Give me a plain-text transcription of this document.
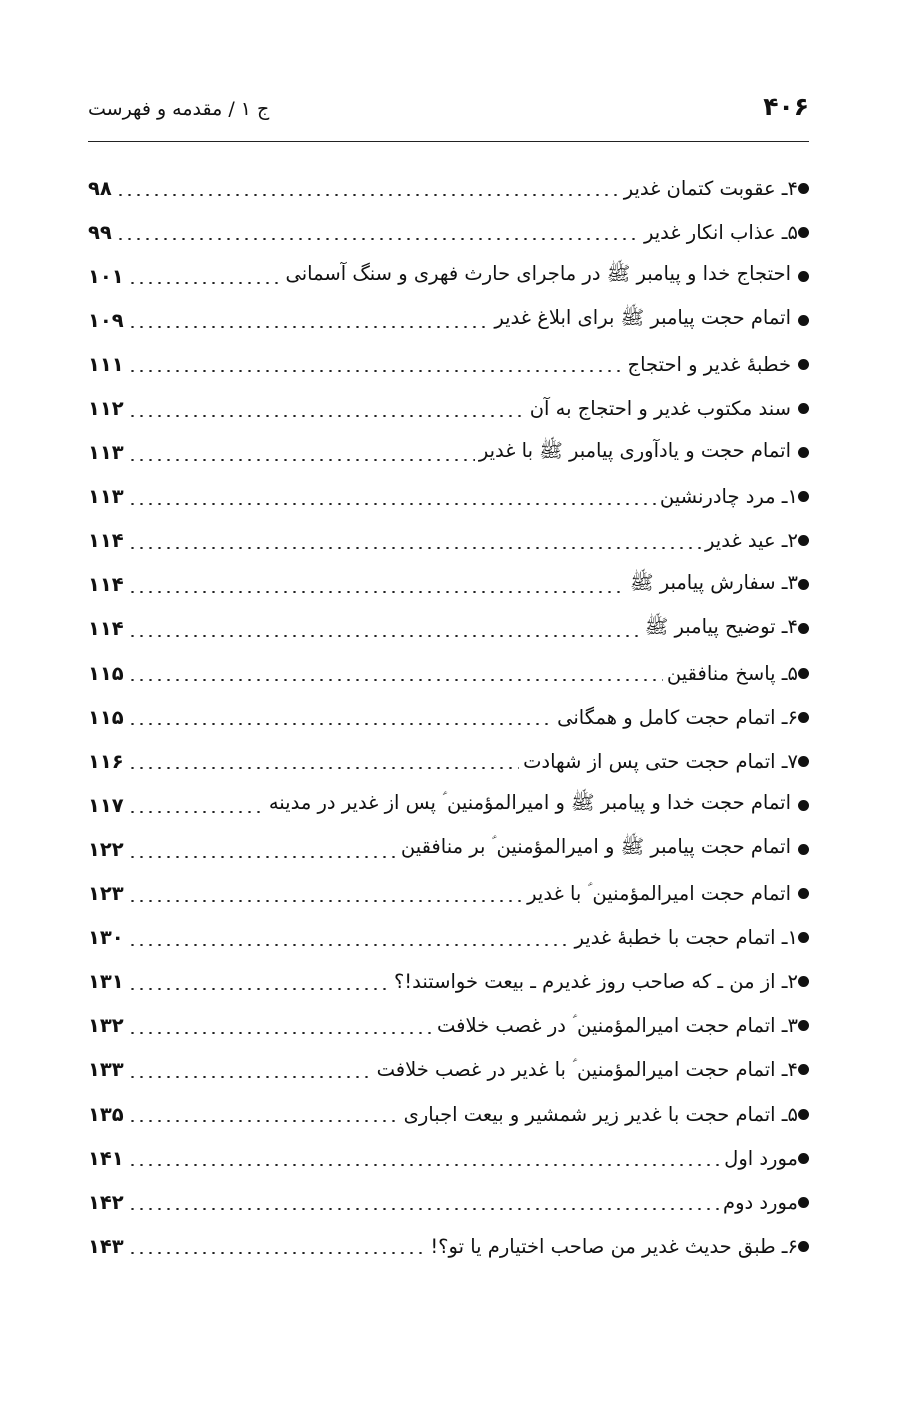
۴۰۶
ج ۱ / مقدمه و فهرست
۴ـ عقوبت کتمان غدیر
۹۸
۵ـ عذاب انکار غدیر
۹۹
احتجاج خدا و پیامبر ﷺ در ماجرای حارث فهری و سنگ آسمانی
۱۰۱
اتمام حجت پیامبر ﷺ برای ابلاغ غدیر
۱۰۹
خطبهٔ غدیر و احتجاج
۱۱۱
سند مکتوب غدیر و احتجاج به آن
۱۱۲
اتمام حجت و یادآوری پیامبر ﷺ با غدیر
۱۱۳
۱ـ مرد چادرنشین
۱۱۳
۲ـ عید غدیر
۱۱۴
۳ـ سفارش پیامبر ﷺ
۱۱۴
۴ـ توضیح پیامبر ﷺ
۱۱۴
۵ـ پاسخ منافقین
۱۱۵
۶ـ اتمام حجت کامل و همگانی
۱۱۵
۷ـ اتمام حجت حتی پس از شهادت
۱۱۶
اتمام حجت خدا و پیامبر ﷺ و امیرالمؤمنین ؑ پس از غدیر در مدینه
۱۱۷
اتمام حجت پیامبر ﷺ و امیرالمؤمنین ؑ بر منافقین
۱۲۲
اتمام حجت امیرالمؤمنین ؑ با غدیر
۱۲۳
۱ـ اتمام حجت با خطبهٔ غدیر
۱۳۰
۲ـ از من ـ که صاحب روز غدیرم ـ بیعت خواستند!؟
۱۳۱
۳ـ اتمام حجت امیرالمؤمنین ؑ در غصب خلافت
۱۳۲
۴ـ اتمام حجت امیرالمؤمنین ؑ با غدیر در غصب خلافت
۱۳۳
۵ـ اتمام حجت با غدیر زیر شمشیر و بیعت اجباری
۱۳۵
مورد اول
۱۴۱
مورد دوم
۱۴۲
۶ـ طبق حدیث غدیر من صاحب اختیارم یا تو؟!
۱۴۳
